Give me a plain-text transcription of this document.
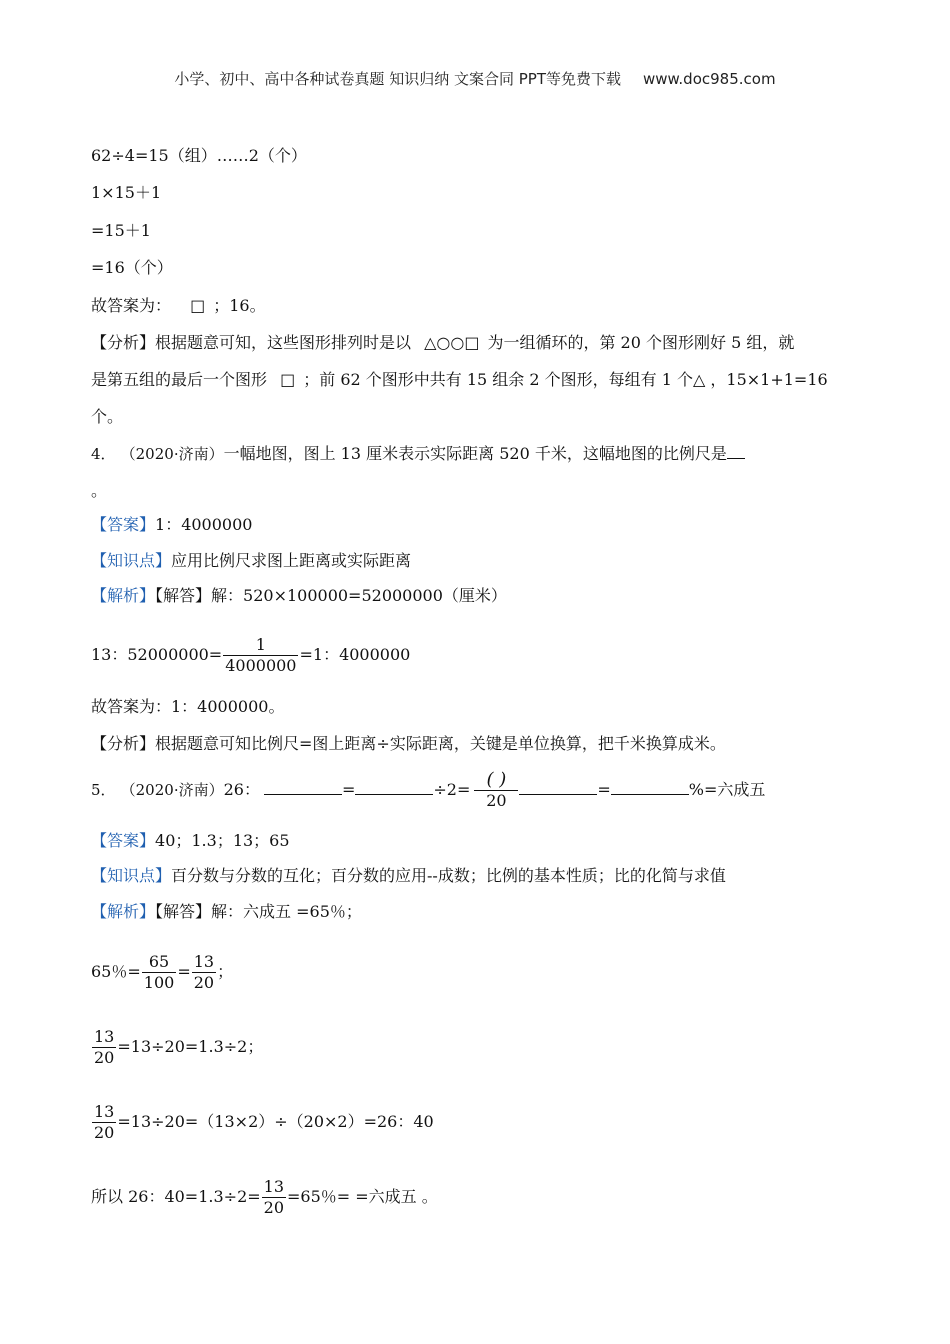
小学、初中、高中各种试卷真题 知识归纳 文案合同 PPT等免费下载 www.doc985.com
62÷4=15（组）……2（个）
1×15＋1
=15＋1
=16（个）
故答案为： □ ；16。
【分析】根据题意可知，这些图形排列时是以 △○○□ 为一组循环的，第 20 个图形刚好 5 组，就
是第五组的最后一个图形 □ ；前 62 个图形中共有 15 组余 2 个图形，每组有 1 个△ ，15×1+1=16
个。
4． （2020·济南）一幅地图，图上 13 厘米表示实际距离 520 千米，这幅地图的比例尺是
。
【答案】1：4000000
【知识点】应用比例尺求图上距离或实际距离
【解析】【解答】解：520×100000=52000000（厘米）
13：$52000000= \frac{1}{4000000} =1$：4000000
故答案为：1：4000000。
【分析】根据题意可知比例尺=图上距离÷实际距离，关键是单位换算，把千米换算成米。
5． （2020·济南）26：	=	$\div 2= \frac{( )}{20}$	=	%=六成五
【答案】40；1.3；13；65
【知识点】百分数与分数的互化；百分数的应用--成数；比例的基本性质；比的化简与求值
【解析】【解答】解：六成五 =65％；
65％= $\frac{65}{100} = \frac{13}{20}$ ；
$\frac{13}{20} =13\div 20=1.3\div 2$；
$\frac{13}{20} =13\div 20=(13\times 2)\div(20\times 2)=26$：40
所以 26：$40=1.3\div 2= \frac{13}{20} =65$％= =六成五 。
